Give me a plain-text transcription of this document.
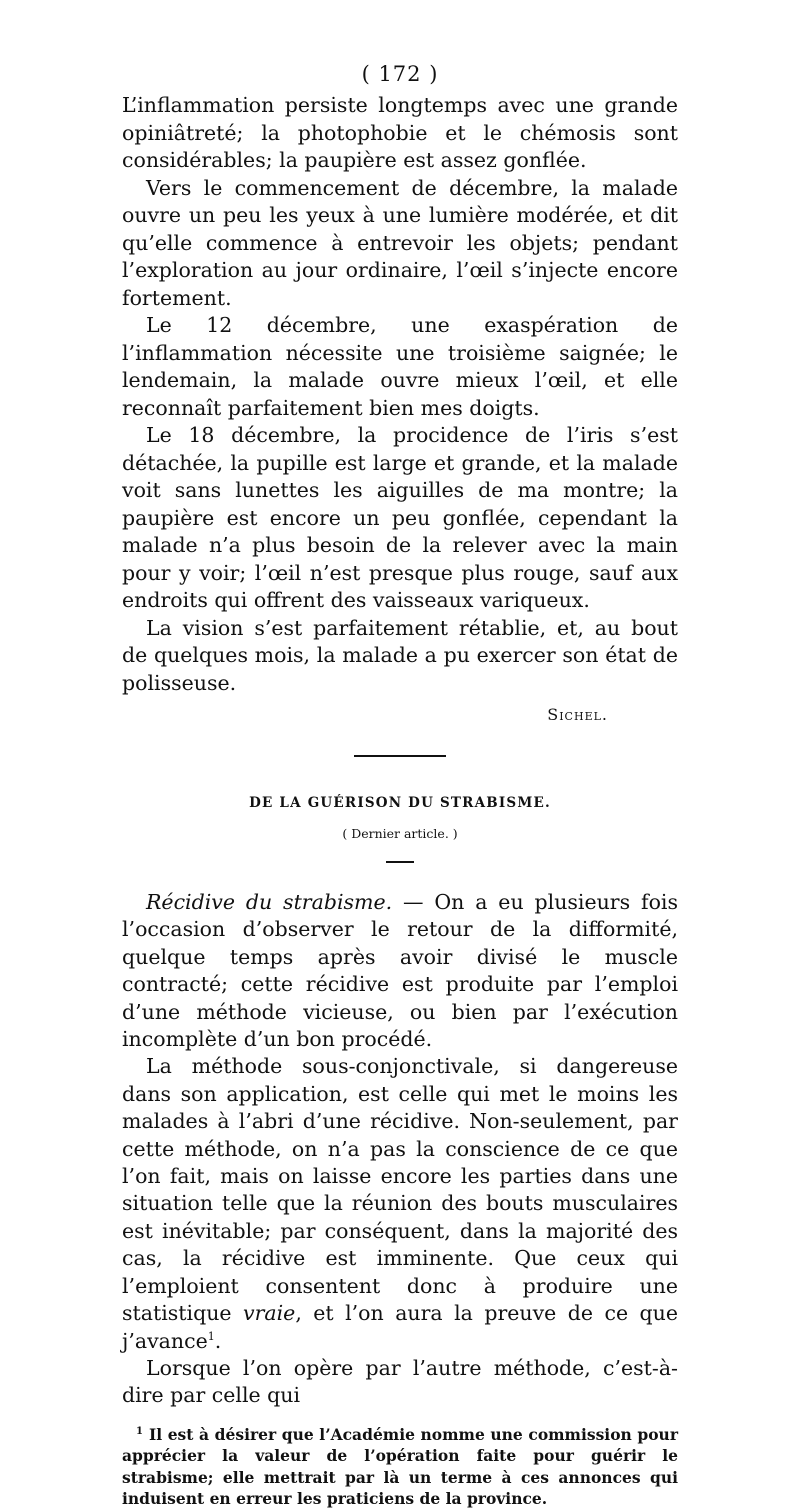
( 172 )

L’inflammation persiste longtemps avec une grande opiniâtreté; la photophobie et le chémosis sont considérables; la paupière est assez gonflée.

Vers le commencement de décembre, la malade ouvre un peu les yeux à une lumière modérée, et dit qu’elle commence à entrevoir les objets; pendant l’exploration au jour ordinaire, l’œil s’injecte encore fortement.

Le 12 décembre, une exaspération de l’inflammation nécessite une troisième saignée; le lendemain, la malade ouvre mieux l’œil, et elle reconnaît parfaitement bien mes doigts.

Le 18 décembre, la procidence de l’iris s’est détachée, la pupille est large et grande, et la malade voit sans lunettes les aiguilles de ma montre; la paupière est encore un peu gonflée, cependant la malade n’a plus besoin de la relever avec la main pour y voir; l’œil n’est presque plus rouge, sauf aux endroits qui offrent des vaisseaux variqueux.

La vision s’est parfaitement rétablie, et, au bout de quelques mois, la malade a pu exercer son état de polisseuse.

Sichel.
DE LA GUÉRISON DU STRABISME.
( Dernier article. )

Récidive du strabisme. — On a eu plusieurs fois l’occasion d’observer le retour de la difformité, quelque temps après avoir divisé le muscle contracté; cette récidive est produite par l’emploi d’une méthode vicieuse, ou bien par l’exécution incomplète d’un bon procédé.

La méthode sous-conjonctivale, si dangereuse dans son application, est celle qui met le moins les malades à l’abri d’une récidive. Non-seulement, par cette méthode, on n’a pas la conscience de ce que l’on fait, mais on laisse encore les parties dans une situation telle que la réunion des bouts musculaires est inévitable; par conséquent, dans la majorité des cas, la récidive est imminente. Que ceux qui l’emploient consentent donc à produire une statistique vraie, et l’on aura la preuve de ce que j’avance$^1$.

Lorsque l’on opère par l’autre méthode, c’est-à-dire par celle qui

$^1$ Il est à désirer que l’Académie nomme une commission pour apprécier la valeur de l’opération faite pour guérir le strabisme; elle mettrait par là un terme à ces annonces qui induisent en erreur les praticiens de la province.
